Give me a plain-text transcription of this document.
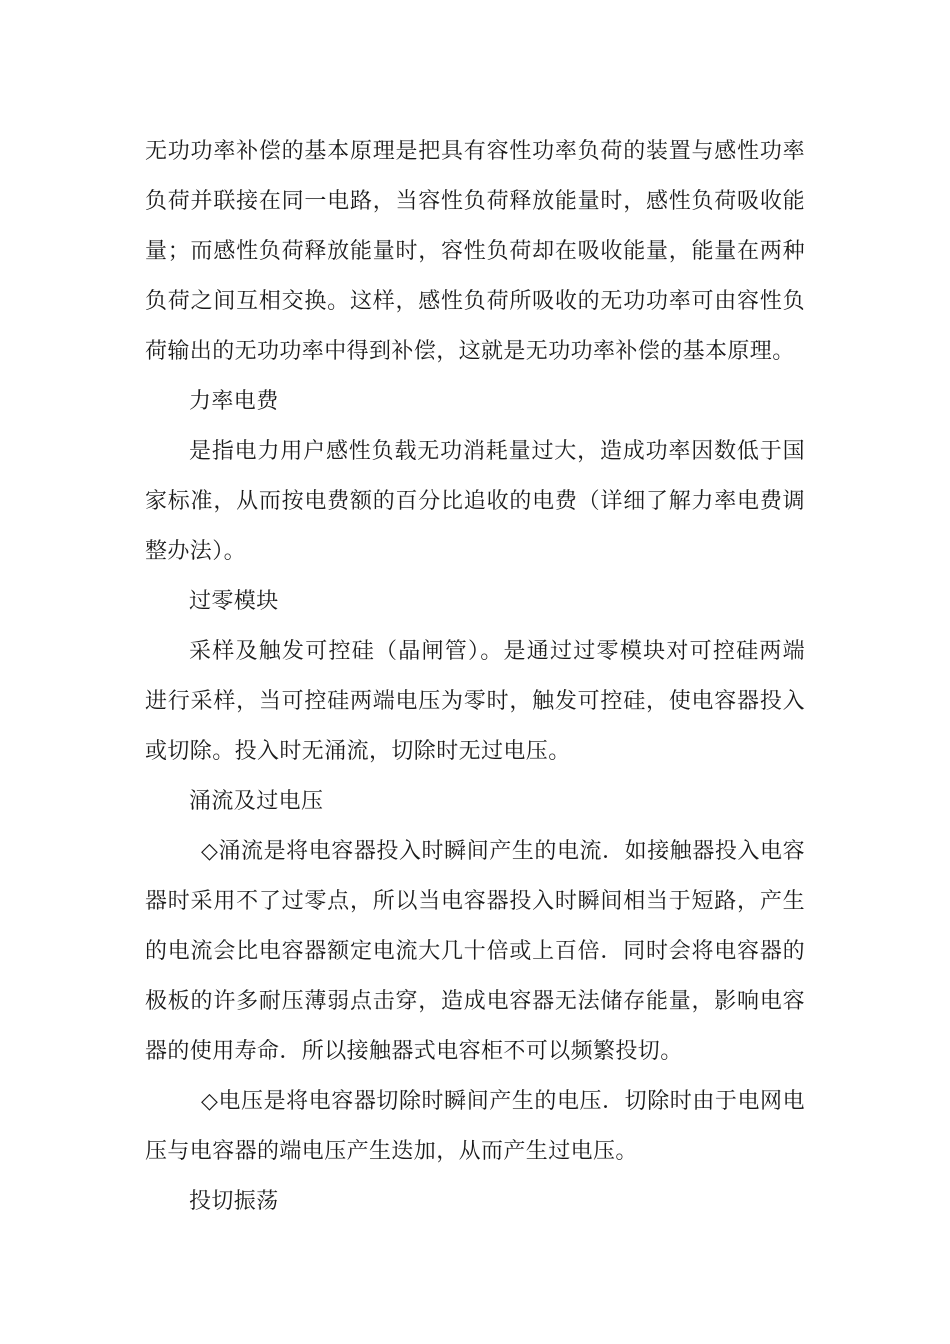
无功功率补偿的基本原理是把具有容性功率负荷的装置与感性功率负荷并联接在同一电路，当容性负荷释放能量时，感性负荷吸收能量；而感性负荷释放能量时，容性负荷却在吸收能量，能量在两种负荷之间互相交换。这样，感性负荷所吸收的无功功率可由容性负荷输出的无功功率中得到补偿，这就是无功功率补偿的基本原理。

力率电费

是指电力用户感性负载无功消耗量过大，造成功率因数低于国家标准，从而按电费额的百分比追收的电费（详细了解力率电费调整办法）。

过零模块

采样及触发可控硅（晶闸管）。是通过过零模块对可控硅两端进行采样，当可控硅两端电压为零时，触发可控硅，使电容器投入或切除。投入时无涌流，切除时无过电压。

涌流及过电压

◇涌流是将电容器投入时瞬间产生的电流．如接触器投入电容器时采用不了过零点，所以当电容器投入时瞬间相当于短路，产生的电流会比电容器额定电流大几十倍或上百倍．同时会将电容器的极板的许多耐压薄弱点击穿，造成电容器无法储存能量，影响电容器的使用寿命．所以接触器式电容柜不可以频繁投切。

◇电压是将电容器切除时瞬间产生的电压．切除时由于电网电压与电容器的端电压产生迭加，从而产生过电压。

投切振荡
